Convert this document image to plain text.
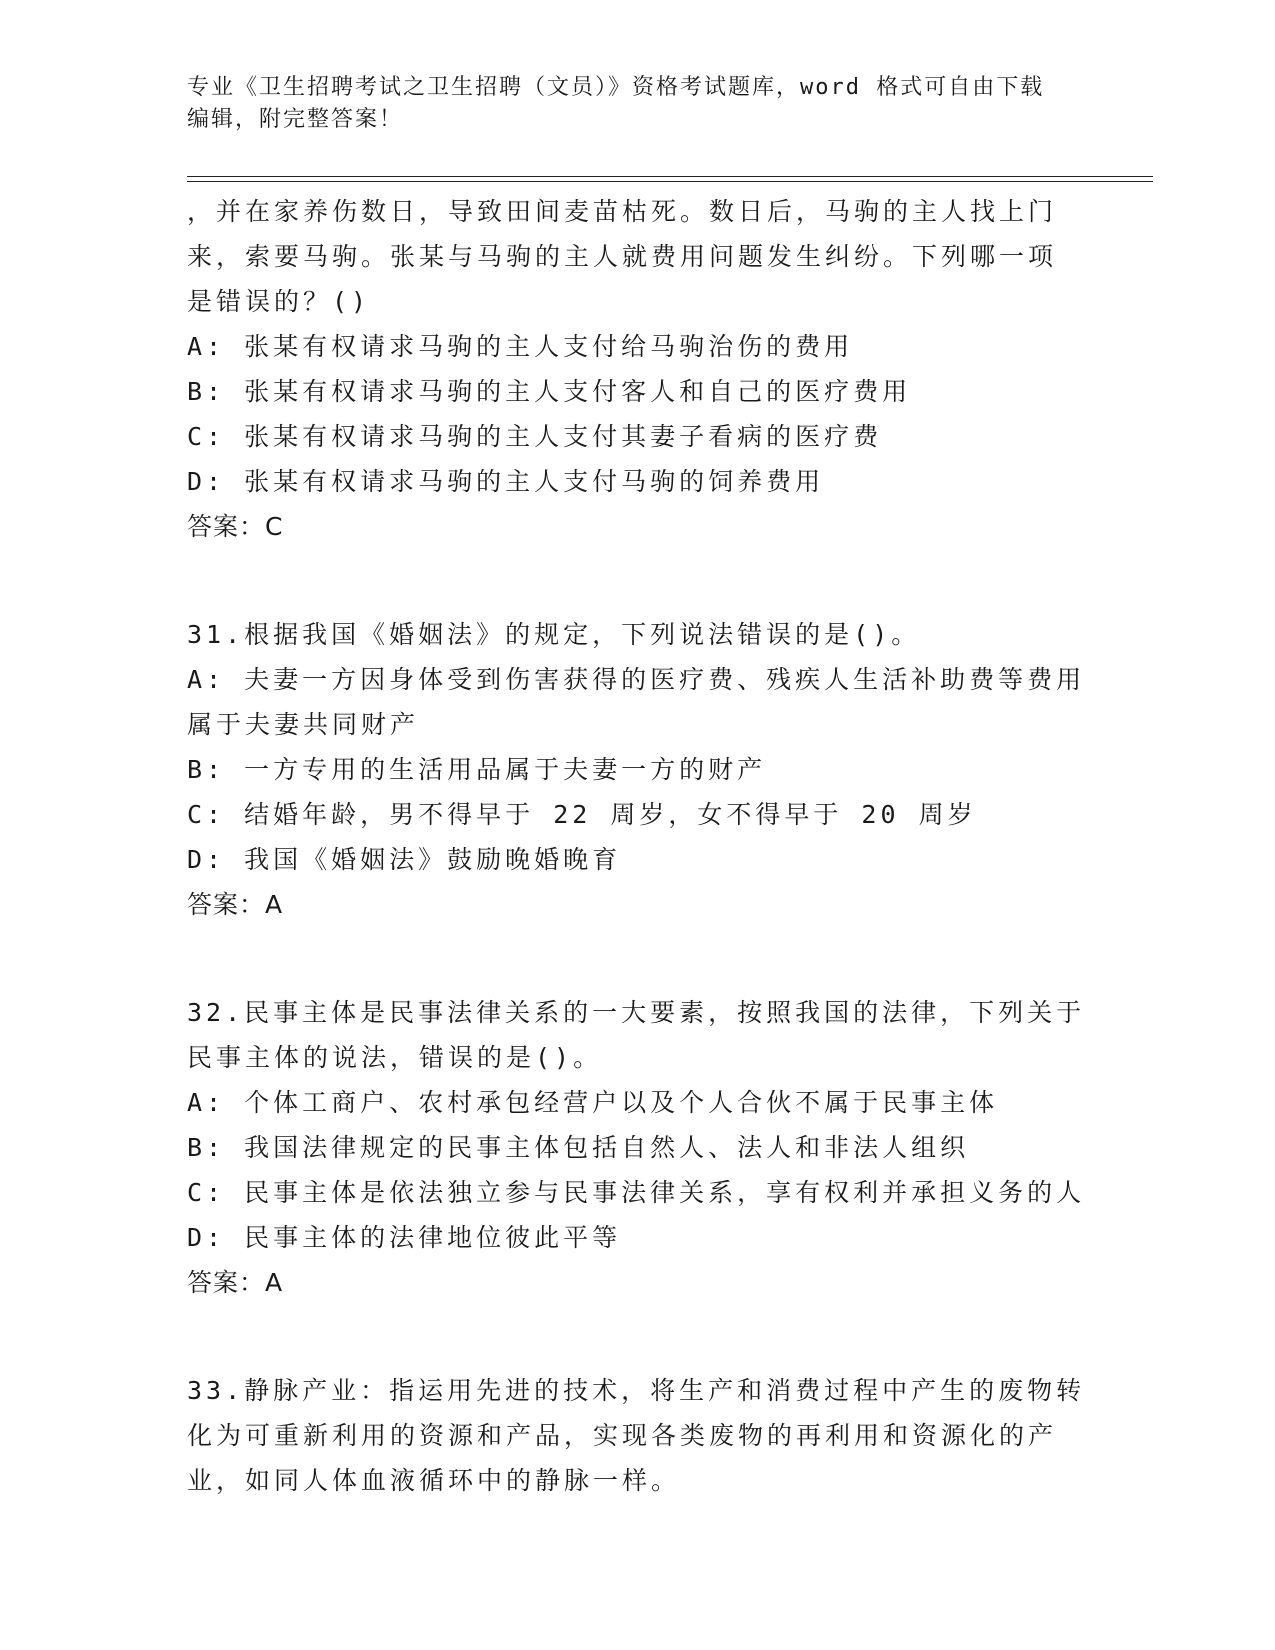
专业《卫生招聘考试之卫生招聘（文员）》资格考试题库，word 格式可自由下载
编辑，附完整答案！
，并在家养伤数日，导致田间麦苗枯死。数日后，马驹的主人找上门
来，索要马驹。张某与马驹的主人就费用问题发生纠纷。下列哪一项
是错误的？()
A: 张某有权请求马驹的主人支付给马驹治伤的费用
B: 张某有权请求马驹的主人支付客人和自己的医疗费用
C: 张某有权请求马驹的主人支付其妻子看病的医疗费
D: 张某有权请求马驹的主人支付马驹的饲养费用
答案：C
31.根据我国《婚姻法》的规定，下列说法错误的是()。
A: 夫妻一方因身体受到伤害获得的医疗费、残疾人生活补助费等费用
属于夫妻共同财产
B: 一方专用的生活用品属于夫妻一方的财产
C: 结婚年龄，男不得早于 22 周岁，女不得早于 20 周岁
D: 我国《婚姻法》鼓励晚婚晚育
答案：A
32.民事主体是民事法律关系的一大要素，按照我国的法律，下列关于
民事主体的说法，错误的是()。
A: 个体工商户、农村承包经营户以及个人合伙不属于民事主体
B: 我国法律规定的民事主体包括自然人、法人和非法人组织
C: 民事主体是依法独立参与民事法律关系，享有权利并承担义务的人
D: 民事主体的法律地位彼此平等
答案：A
33.静脉产业：指运用先进的技术，将生产和消费过程中产生的废物转
化为可重新利用的资源和产品，实现各类废物的再利用和资源化的产
业，如同人体血液循环中的静脉一样。
